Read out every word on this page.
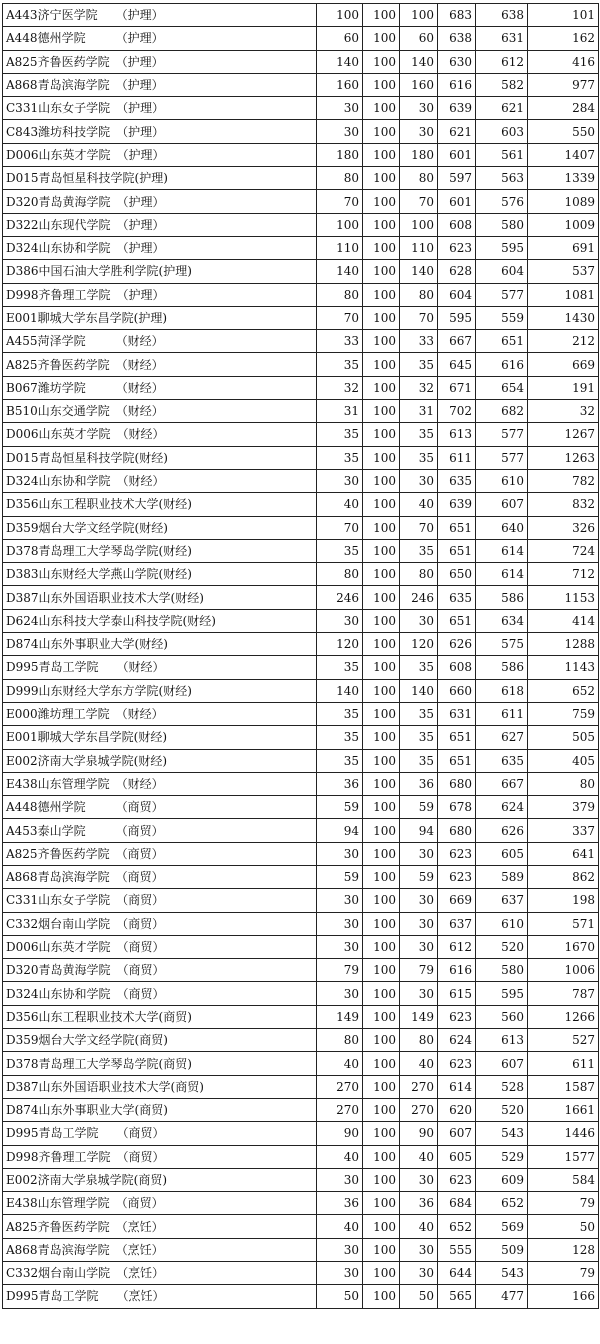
A443济宁医学院　　（护理）	100	100	100	683	638	101
A448德州学院　　　（护理）	60	100	60	638	631	162
A825齐鲁医药学院　（护理）	140	100	140	630	612	416
A868青岛滨海学院　（护理）	160	100	160	616	582	977
C331山东女子学院　（护理）	30	100	30	639	621	284
C843潍坊科技学院　（护理）	30	100	30	621	603	550
D006山东英才学院　（护理）	180	100	180	601	561	1407
D015青岛恒星科技学院(护理)	80	100	80	597	563	1339
D320青岛黄海学院　（护理）	70	100	70	601	576	1089
D322山东现代学院　（护理）	100	100	100	608	580	1009
D324山东协和学院　（护理）	110	100	110	623	595	691
D386中国石油大学胜利学院(护理)	140	100	140	628	604	537
D998齐鲁理工学院　（护理）	80	100	80	604	577	1081
E001聊城大学东昌学院(护理)	70	100	70	595	559	1430
A455菏泽学院　　　（财经）	33	100	33	667	651	212
A825齐鲁医药学院　（财经）	35	100	35	645	616	669
B067潍坊学院　　　（财经）	32	100	32	671	654	191
B510山东交通学院　（财经）	31	100	31	702	682	32
D006山东英才学院　（财经）	35	100	35	613	577	1267
D015青岛恒星科技学院(财经)	35	100	35	611	577	1263
D324山东协和学院　（财经）	30	100	30	635	610	782
D356山东工程职业技术大学(财经)	40	100	40	639	607	832
D359烟台大学文经学院(财经)	70	100	70	651	640	326
D378青岛理工大学琴岛学院(财经)	35	100	35	651	614	724
D383山东财经大学燕山学院(财经)	80	100	80	650	614	712
D387山东外国语职业技术大学(财经)	246	100	246	635	586	1153
D624山东科技大学泰山科技学院(财经)	30	100	30	651	634	414
D874山东外事职业大学(财经)	120	100	120	626	575	1288
D995青岛工学院　　（财经）	35	100	35	608	586	1143
D999山东财经大学东方学院(财经)	140	100	140	660	618	652
E000潍坊理工学院　（财经）	35	100	35	631	611	759
E001聊城大学东昌学院(财经)	35	100	35	651	627	505
E002济南大学泉城学院(财经)	35	100	35	651	635	405
E438山东管理学院　（财经）	36	100	36	680	667	80
A448德州学院　　　（商贸）	59	100	59	678	624	379
A453泰山学院　　　（商贸）	94	100	94	680	626	337
A825齐鲁医药学院　（商贸）	30	100	30	623	605	641
A868青岛滨海学院　（商贸）	59	100	59	623	589	862
C331山东女子学院　（商贸）	30	100	30	669	637	198
C332烟台南山学院　（商贸）	30	100	30	637	610	571
D006山东英才学院　（商贸）	30	100	30	612	520	1670
D320青岛黄海学院　（商贸）	79	100	79	616	580	1006
D324山东协和学院　（商贸）	30	100	30	615	595	787
D356山东工程职业技术大学(商贸)	149	100	149	623	560	1266
D359烟台大学文经学院(商贸)	80	100	80	624	613	527
D378青岛理工大学琴岛学院(商贸)	40	100	40	623	607	611
D387山东外国语职业技术大学(商贸)	270	100	270	614	528	1587
D874山东外事职业大学(商贸)	270	100	270	620	520	1661
D995青岛工学院　　（商贸）	90	100	90	607	543	1446
D998齐鲁理工学院　（商贸）	40	100	40	605	529	1577
E002济南大学泉城学院(商贸)	30	100	30	623	609	584
E438山东管理学院　（商贸）	36	100	36	684	652	79
A825齐鲁医药学院　（烹饪）	40	100	40	652	569	50
A868青岛滨海学院　（烹饪）	30	100	30	555	509	128
C332烟台南山学院　（烹饪）	30	100	30	644	543	79
D995青岛工学院　　（烹饪）	50	100	50	565	477	166
